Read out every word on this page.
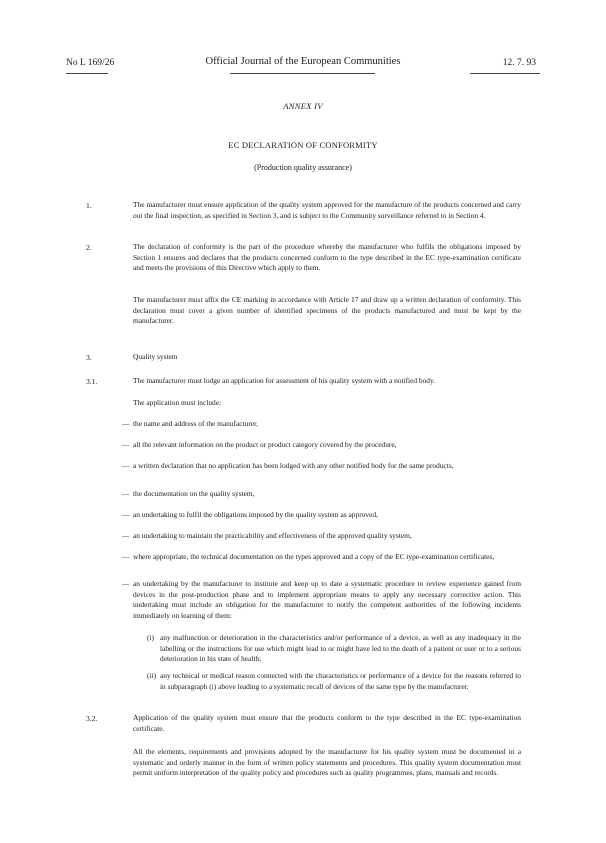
No L 169/26	Official Journal of the European Communities	12. 7. 93
ANNEX IV
EC DECLARATION OF CONFORMITY
(Production quality assurance)
1.	The manufacturer must ensure application of the quality system approved for the manufacture of the products concerned and carry out the final inspection, as specified in Section 3, and is subject to the Community surveillance referred to in Section 4.
2.	The declaration of conformity is the part of the procedure whereby the manufacturer who fulfils the obligations imposed by Section 1 ensures and declares that the products concerned conform to the type described in the EC type-examination certificate and meets the provisions of this Directive which apply to them.
The manufacturer must affix the CE marking in accordance with Article 17 and draw up a written declaration of conformity. This declaration must cover a given number of identified specimens of the products manufactured and must be kept by the manufacturer.
3.	Quality system
3.1.	The manufacturer must lodge an application for assessment of his quality system with a notified body.
The application must include:
— the name and address of the manufacturer,
— all the relevant information on the product or product category covered by the procedure,
— a written declaration that no application has been lodged with any other notified body for the same products,
— the documentation on the quality system,
— an undertaking to fulfil the obligations imposed by the quality system as approved,
— an undertaking to maintain the practicability and effectiveness of the approved quality system,
— where appropriate, the technical documentation on the types approved and a copy of the EC type-examination certificates,
— an undertaking by the manufacturer to institute and keep up to date a systematic procedure to review experience gained from devices in the post-production phase and to implement appropriate means to apply any necessary corrective action. This undertaking must include an obligation for the manufacturer to notify the competent authorities of the following incidents immediately on learning of them:
(i) any malfunction or deterioration in the characteristics and/or performance of a device, as well as any inadequacy in the labelling or the instructions for use which might lead to or might have led to the death of a patient or user or to a serious deterioration in his state of health;
(ii) any technical or medical reason connected with the characteristics or performance of a device for the reasons referred to in subparagraph (i) above leading to a systematic recall of devices of the same type by the manufacturer.
3.2.	Application of the quality system must ensure that the products conform to the type described in the EC type-examination certificate.
All the elements, requirements and provisions adopted by the manufacturer for his quality system must be documented in a systematic and orderly manner in the form of written policy statements and procedures. This quality system documentation must permit uniform interpretation of the quality policy and procedures such as quality programmes, plans, manuals and records.
